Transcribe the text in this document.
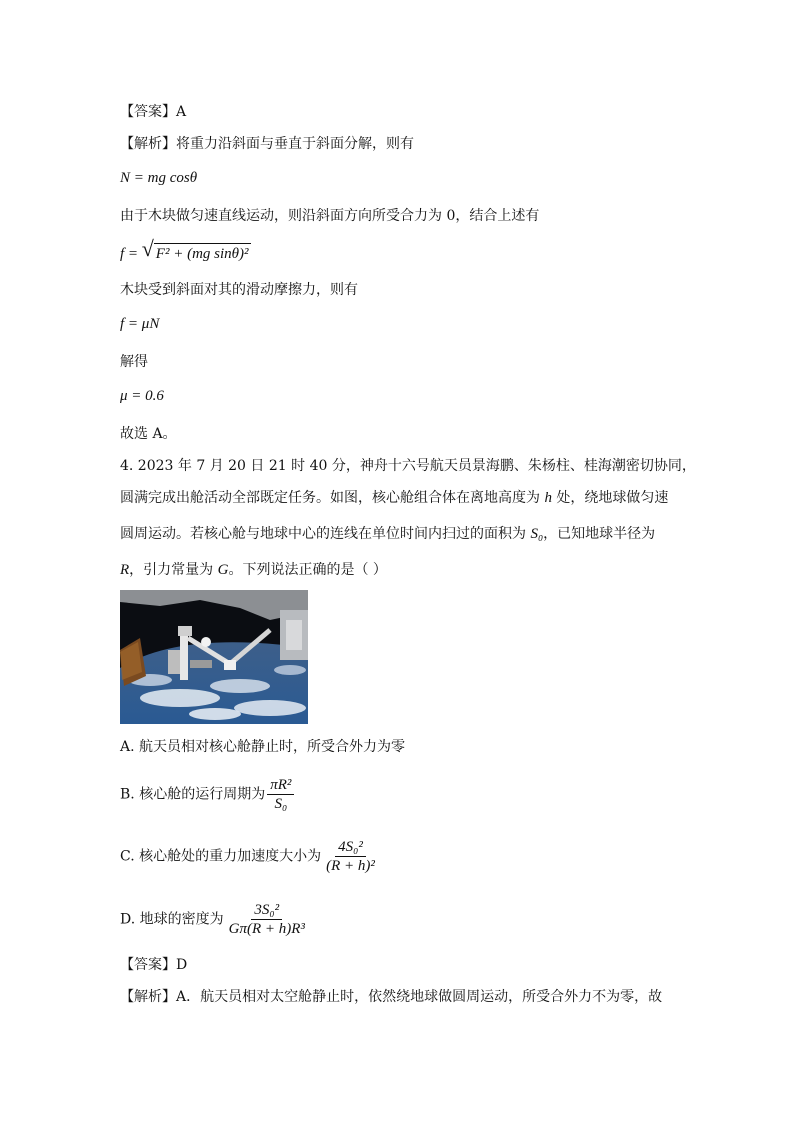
【答案】A
【解析】将重力沿斜面与垂直于斜面分解，则有
N = mg cosθ
由于木块做匀速直线运动，则沿斜面方向所受合力为 0，结合上述有
f = √ F² + (mg sinθ)²
木块受到斜面对其的滑动摩擦力，则有
f = μN
解得
μ = 0.6
故选 A。
4. 2023 年 7 月 20 日 21 时 40 分，神舟十六号航天员景海鹏、朱杨柱、桂海潮密切协同，
圆满完成出舱活动全部既定任务。如图，核心舱组合体在离地高度为 h 处，绕地球做匀速
圆周运动。若核心舱与地球中心的连线在单位时间内扫过的面积为 S₀，已知地球半径为
R，引力常量为 G。下列说法正确的是（ ）
A. 航天员相对核心舱静止时，所受合外力为零
B. 核心舱的运行周期为 $\frac{\text{πR²}}{\text{S₀}}$
C. 核心舱处的重力加速度大小为 $\frac{\text{4S₀²}}{\text{(R + h)²}}$
D. 地球的密度为 $\frac{\text{3S₀²}}{\text{Gπ(R + h)R³}}$
【答案】D
【解析】A．航天员相对太空舱静止时，依然绕地球做圆周运动，所受合外力不为零，故
